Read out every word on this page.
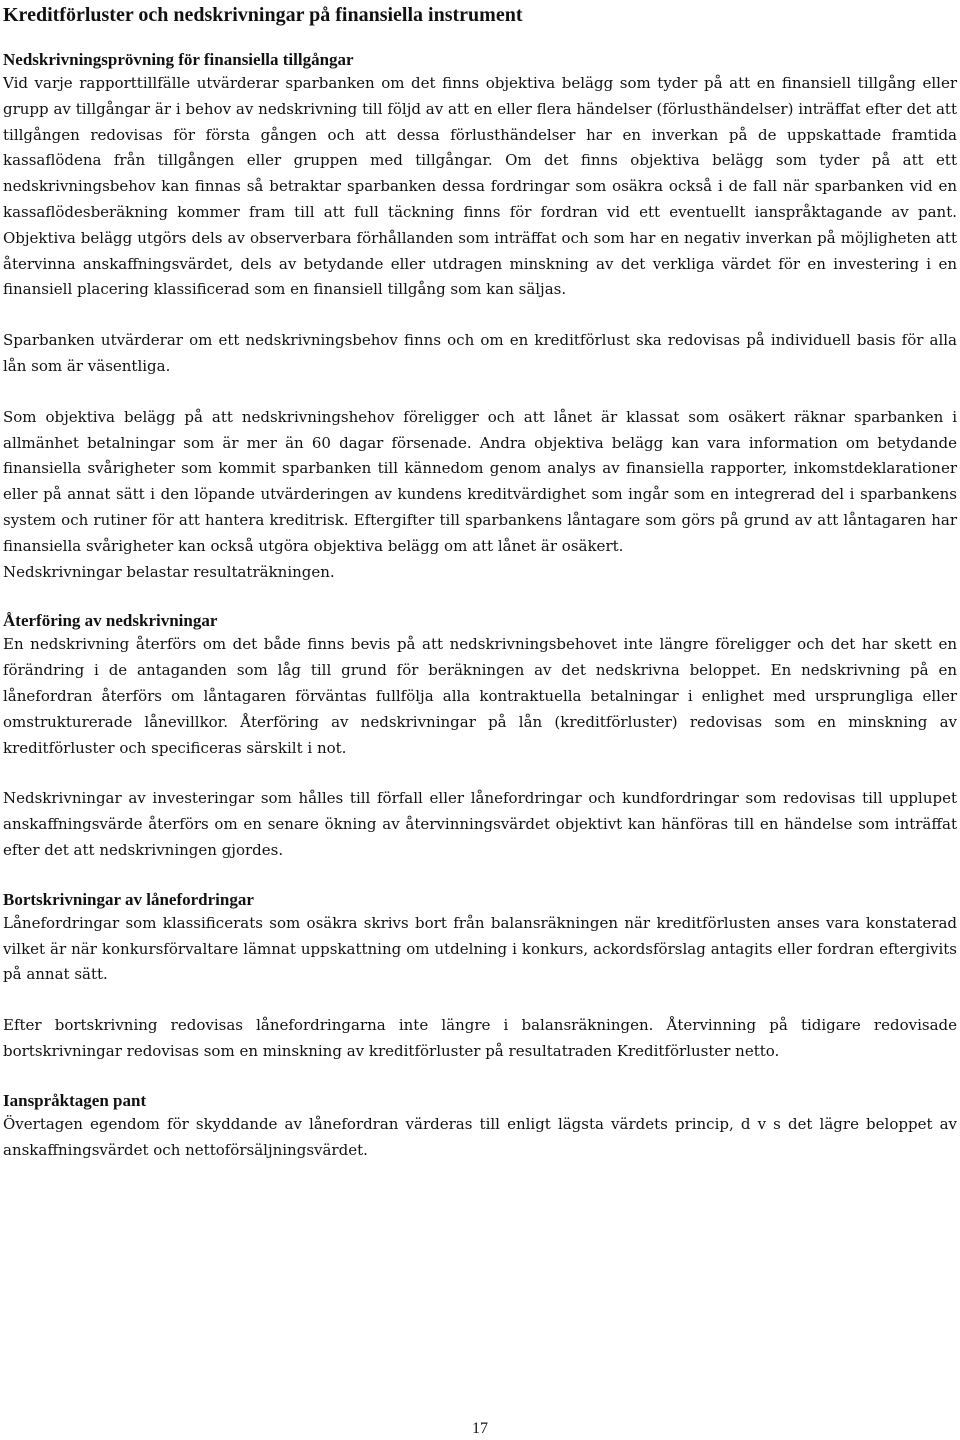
Kreditförluster och nedskrivningar på finansiella instrument
Nedskrivningsprövning för finansiella tillgångar

Vid varje rapporttillfälle utvärderar sparbanken om det finns objektiva belägg som tyder på att en finansiell tillgång eller grupp av tillgångar är i behov av nedskrivning till följd av att en eller flera händelser (förlusthändelser) inträffat efter det att tillgången redovisas för första gången och att dessa förlusthändelser har en inverkan på de uppskattade framtida kassaflödena från tillgången eller gruppen med tillgångar. Om det finns objektiva belägg som tyder på att ett nedskrivningsbehov kan finnas så betraktar sparbanken dessa fordringar som osäkra också i de fall när sparbanken vid en kassaflödesberäkning kommer fram till att full täckning finns för fordran vid ett eventuellt ianspråktagande av pant. Objektiva belägg utgörs dels av observerbara förhållanden som inträffat och som har en negativ inverkan på möjligheten att återvinna anskaffningsvärdet, dels av betydande eller utdragen minskning av det verkliga värdet för en investering i en finansiell placering klassificerad som en finansiell tillgång som kan säljas.

Sparbanken utvärderar om ett nedskrivningsbehov finns och om en kreditförlust ska redovisas på individuell basis för alla lån som är väsentliga.

Som objektiva belägg på att nedskrivningshehov föreligger och att lånet är klassat som osäkert räknar sparbanken i allmänhet betalningar som är mer än 60 dagar försenade. Andra objektiva belägg kan vara information om betydande finansiella svårigheter som kommit sparbanken till kännedom genom analys av finansiella rapporter, inkomstdeklarationer eller på annat sätt i den löpande utvärderingen av kundens kreditvärdighet som ingår som en integrerad del i sparbankens system och rutiner för att hantera kreditrisk. Eftergifter till sparbankens låntagare som görs på grund av att låntagaren har finansiella svårigheter kan också utgöra objektiva belägg om att lånet är osäkert.

Nedskrivningar belastar resultaträkningen.

Återföring av nedskrivningar

En nedskrivning återförs om det både finns bevis på att nedskrivningsbehovet inte längre föreligger och det har skett en förändring i de antaganden som låg till grund för beräkningen av det nedskrivna beloppet. En nedskrivning på en lånefordran återförs om låntagaren förväntas fullfölja alla kontraktuella betalningar i enlighet med ursprungliga eller omstrukturerade lånevillkor. Återföring av nedskrivningar på lån (kreditförluster) redovisas som en minskning av kreditförluster och specificeras särskilt i not.

Nedskrivningar av investeringar som hålles till förfall eller lånefordringar och kundfordringar som redovisas till upplupet anskaffningsvärde återförs om en senare ökning av återvinningsvärdet objektivt kan hänföras till en händelse som inträffat efter det att nedskrivningen gjordes.

Bortskrivningar av lånefordringar

Lånefordringar som klassificerats som osäkra skrivs bort från balansräkningen när kreditförlusten anses vara konstaterad vilket är när konkursförvaltare lämnat uppskattning om utdelning i konkurs, ackordsförslag antagits eller fordran eftergivits på annat sätt.

Efter bortskrivning redovisas lånefordringarna inte längre i balansräkningen. Återvinning på tidigare redovisade bortskrivningar redovisas som en minskning av kreditförluster på resultatraden Kreditförluster netto.

Ianspråktagen pant

Övertagen egendom för skyddande av lånefordran värderas till enligt lägsta värdets princip, d v s det lägre beloppet av anskaffningsvärdet och nettoförsäljningsvärdet.

17
